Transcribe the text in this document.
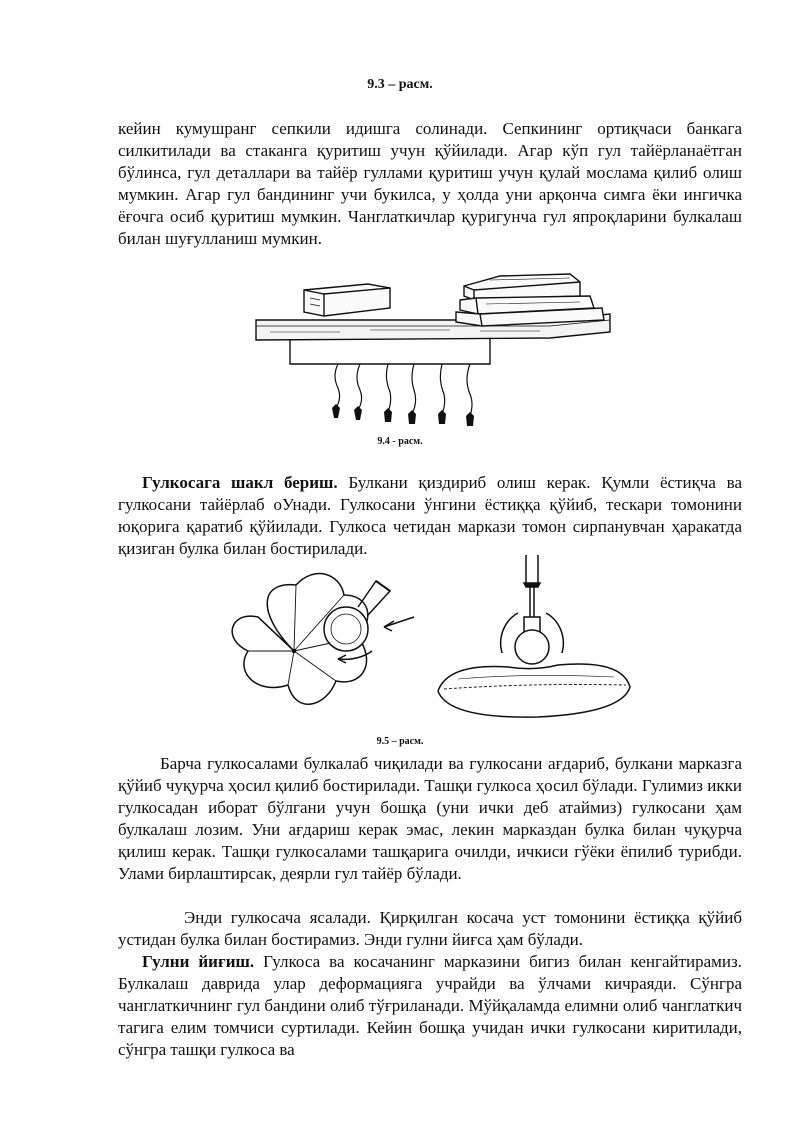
9.3 – расм.

кейин кумушранг сепкили идишга солинади. Сепкининг ортиқчаси банкага силкитилади ва стаканга қуритиш учун қўйилади. Агар кўп гул тайёрланаётган бўлинса, гул деталлари ва тайёр гуллами қуритиш учун қулай мослама қилиб олиш мумкин. Агар гул бандининг учи букилса, у ҳолда уни арқонча симга ёки ингичка ёғочга осиб қуритиш мумкин. Чанглаткичлар қуригунча гул япроқларини булкалаш билан шуғулланиш мумкин.

9.4 - расм.

Гулкосага шакл бериш. Булкани қиздириб олиш керак. Қумли ёстиқча ва гулкосани тайёрлаб оУнади. Гулкосани ўнгини ёстиққа қўйиб, тескари томонини юқорига қаратиб қўйилади. Гулкоса четидан маркази томон сирпанувчан ҳаракатда қизиган булка билан бостирилади.

9.5 – расм.

Барча гулкосалами булкалаб чиқилади ва гулкосани ағдариб, булкани марказга қўйиб чуқурча ҳосил қилиб бостирилади. Ташқи гулкоса ҳосил бўлади. Гулимиз икки гулкосадан иборат бўлгани учун бошқа (уни ички деб атаймиз) гулкосани ҳам булкалаш лозим. Уни ағдариш керак эмас, лекин марказдан булка билан чуқурча қилиш керак. Ташқи гулкосалами ташқарига очилди, ичкиси гўёки ёпилиб турибди. Улами бирлаштирсак, деярли гул тайёр бўлади.

Энди гулкосача ясалади. Қирқилган косача уст томонини ёстиққа қўйиб устидан булка билан бостирамиз. Энди гулни йиғса ҳам бўлади.

Гулни йиғиш. Гулкоса ва косачанинг марказини бигиз билан кенгайтирамиз. Булкалаш даврида улар деформацияга учрайди ва ўлчами кичраяди. Сўнгра чанглаткичнинг гул бандини олиб тўғриланади. Мўйқаламда елимни олиб чанглаткич тагига елим томчиси суртилади. Кейин бошқа учидан ички гулкосани киритилади, сўнгра ташқи гулкоса ва
